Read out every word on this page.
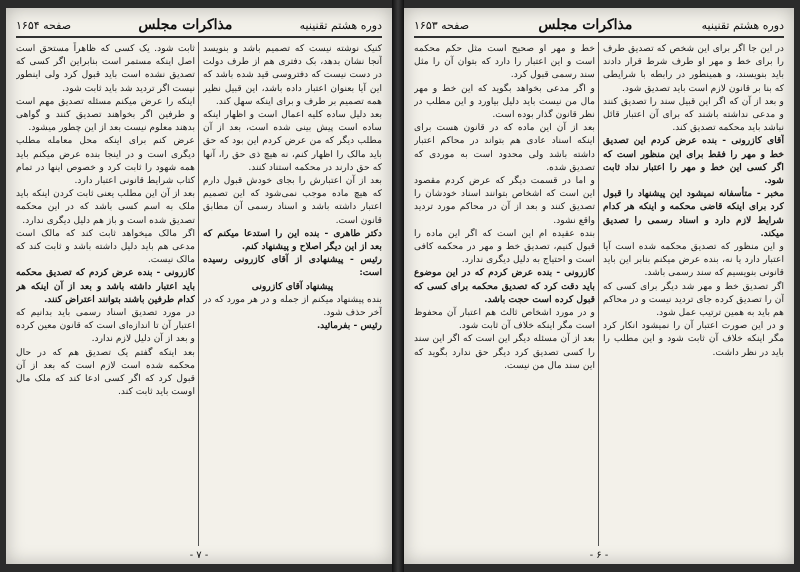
دوره هشتم تقنینیه
مذاکرات مجلس
صفحه ۱۶۵۴

کنیک نوشته نیست که تصمیم باشد و بنویسد آنجا نشان بدهد، بک دفتری هم از طرف دولت در دست نیست که دفتروسی قید شده باشد که این آیا بعنوان اعتبار داده باشد، این قبیل نظیر همه تصمیم بر طرف و برای اینکه سهل کند.

بعد دلیل ساده کلیه اعمال است و اظهار اینکه ساده است پیش بینی شده است، بعد از آن مطلب دیگر که من عرض کردم این بود که حق باید مالک را اظهار کنم، نه هیچ ذی حق را، آنها که حق دارند در محکمه استناد کنند.

بعد از آن اعتبارش را بجای خودش قبول دارم که هیچ ماده موجب نمی‌شود که این تصمیم اعتبار داشته باشد و اسناد رسمی آن مطابق قانون است.

دکتر طاهری - بنده این را استدعا میکنم که بعد از این دیگر اصلاح و پیشنهاد کنم.

رئیس - پیشنهادی از آقای کازرونی رسیده است:

پیشنهاد آقای کازرونی

بنده پیشنهاد میکنم از جمله و در هر مورد که در آخر حذف شود.

رئیس - بفرمائید.

ثابت شود. یک کسی که ظاهراً مستحق است اصل اینکه مستمر است بنابراین اگر کسی که تصدیق نشده است باید قبول کرد ولی اینطور نیست اگر تردید شد باید ثابت شود.

اینکه را عرض میکنم مسئله تصدیق مهم است و طرفین اگر بخواهند تصدیق کنند و گواهی بدهند معلوم نیست بعد از این چطور میشود.

عرض کنم برای اینکه محل معامله مطلب دیگری است و در اینجا بنده عرض میکنم باید همه شهود را ثابت کرد و خصوص اینها در تمام کتاب شرایط قانونی اعتبار دارد.

بعد از آن این مطلب یعنی ثابت کردن اینکه باید ملک به اسم کسی باشد که در این محکمه تصدیق شده است و باز هم دلیل دیگری ندارد.

اگر مالک میخواهد ثابت کند که مالک است مدعی هم باید دلیل داشته باشد و ثابت کند که مالک نیست.

کازرونی - بنده عرض کردم که تصدیق محکمه باید اعتبار داشته باشد و بعد از آن اینکه هر کدام طرفین باشند بتوانند اعتراض کنند.

در مورد تصدیق اسناد رسمی باید بدانیم که اعتبار آن تا اندازه‌ای است که قانون معین کرده و بعد از آن دلیل لازم ندارد.

بعد اینکه گفتم یک تصدیق هم که در حال محکمه شده است لازم است که بعد از آن قبول کرد که اگر کسی ادعا کند که ملک مال اوست باید ثابت کند.

- ۷ -
دوره هشتم تقنینیه
مذاکرات مجلس
صفحه ۱۶۵۳

در این جا اگر برای این شخص که تصدیق طرف را برای خط و مهر او طرف شرط قرار دادند باید بنویسند، و همینطور در رابطه با شرایطی که بنا بر قانون لازم است باید تصدیق شود.

و بعد از آن که اگر این قبیل سند را تصدیق کنند و مدعی نداشته باشند که برای آن اعتبار قائل نباشد باید محکمه تصدیق کند.

آقای کازرونی - بنده عرض کردم این تصدیق خط و مهر را فقط برای این منظور است که اگر کسی این خط و مهر را اعتبار نداد ثابت شود.

مخبر - متأسفانه نمیشود این پیشنهاد را قبول کرد برای اینکه قاضی محکمه و اینکه هر کدام شرایط لازم دارد و اسناد رسمی را تصدیق میکند.

و این منظور که تصدیق محکمه شده است آیا اعتبار دارد یا نه، بنده عرض میکنم بنابر این باید قانونی بنویسیم که سند رسمی باشد.

اگر تصدیق خط و مهر شد دیگر برای کسی که آن را تصدیق کرده جای تردید نیست و در محاکم هم باید به همین ترتیب عمل شود.

و در این صورت اعتبار آن را نمیشود انکار کرد مگر اینکه خلاف آن ثابت شود و این مطلب را باید در نظر داشت.

خط و مهر او صحیح است مثل حکم محکمه است و این اعتبار را دارد که بتوان آن را مثل سند رسمی قبول کرد.

و اگر مدعی بخواهد بگوید که این خط و مهر مال من نیست باید دلیل بیاورد و این مطلب در نظر قانون گذار بوده است.

بعد از آن این ماده که در قانون هست برای اینکه اسناد عادی هم بتواند در محاکم اعتبار داشته باشد ولی محدود است به موردی که تصدیق شده.

و اما در قسمت دیگر که عرض کردم مقصود این است که اشخاص بتوانند اسناد خودشان را تصدیق کنند و بعد از آن در محاکم مورد تردید واقع نشود.

بنده عقیده ام این است که اگر این ماده را قبول کنیم، تصدیق خط و مهر در محکمه کافی است و احتیاج به دلیل دیگری ندارد.

کازرونی - بنده عرض کردم که در این موضوع باید دقت کرد که تصدیق محکمه برای کسی که قبول کرده است حجت باشد.

و در مورد اشخاص ثالث هم اعتبار آن محفوظ است مگر اینکه خلاف آن ثابت شود.

بعد از آن مسئله دیگر این است که اگر این سند را کسی تصدیق کرد دیگر حق ندارد بگوید که این سند مال من نیست.

- ۶ -
